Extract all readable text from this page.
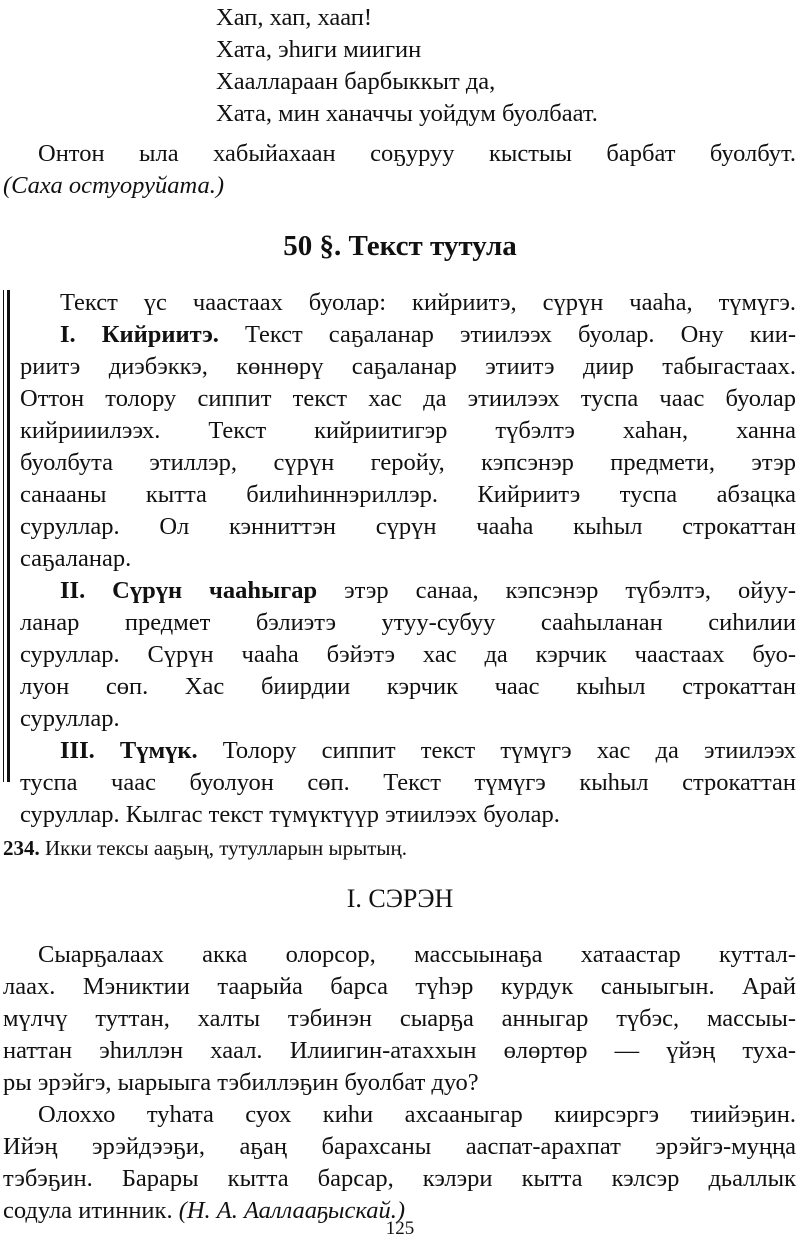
Хап, хап, хаап!
Хата, эһиги миигин
Хааллараан барбыккыт да,
Хата, мин ханаччы уойдум буолбаат.
Онтон ыла хабыйахаан соҕуруу кыстыы барбат буолбут.
(Саха остуоруйата.)
50 §. Текст тутула
Текст үс чаастаах буолар: кийриитэ, сүрүн чааһа, түмүгэ.
I. Кийриитэ. Текст саҕаланар этиилээх буолар. Ону кии-
риитэ диэбэккэ, көннөрү саҕаланар этиитэ диир табыгастаах.
Оттон толору сиппит текст хас да этиилээх туспа чаас буолар
кийрииилээх. Текст кийриитигэр түбэлтэ хаһан, ханна
буолбута этиллэр, сүрүн геройу, кэпсэнэр предмети, этэр
санааны кытта билиһиннэриллэр. Кийриитэ туспа абзацка
суруллар. Ол кэнниттэн сүрүн чааһа кыһыл строкаттан
саҕаланар.
II. Сүрүн чааһыгар этэр санаа, кэпсэнэр түбэлтэ, ойуу-
ланар предмет бэлиэтэ утуу-субуу сааһыланан сиһилии
суруллар. Сүрүн чааһа бэйэтэ хас да кэрчик чаастаах буо-
луон сөп. Хас биирдии кэрчик чаас кыһыл строкаттан
суруллар.
III. Түмүк. Толору сиппит текст түмүгэ хас да этиилээх
туспа чаас буолуон сөп. Текст түмүгэ кыһыл строкаттан
суруллар. Кылгас текст түмүктүүр этиилээх буолар.
234. Икки тексы ааҕың, тутулларын ырытың.
I. СЭРЭН
Сыарҕалаах акка олорсор, массыынаҕа хатаастар куттал-
лаах. Мэниктии таарыйа барса түһэр курдук саныыгын. Арай
мүлчү туттан, халты тэбинэн сыарҕа анныгар түбэс, массыы-
наттан эһиллэн хаал. Илиигин-атаххын өлөртөр — үйэң туха-
ры эрэйгэ, ыарыыга тэбиллэҕин буолбат дуо?
Олоххо туһата суох киһи ахсааныгар киирсэргэ тиийэҕин.
Ийэң эрэйдээҕи, аҕаң барахсаны ааспат-арахпат эрэйгэ-муңңа
тэбэҕин. Барары кытта барсар, кэлэри кытта кэлсэр дьаллык
содула итинник. (Н. А. Ааллааҕыскай.)
125
